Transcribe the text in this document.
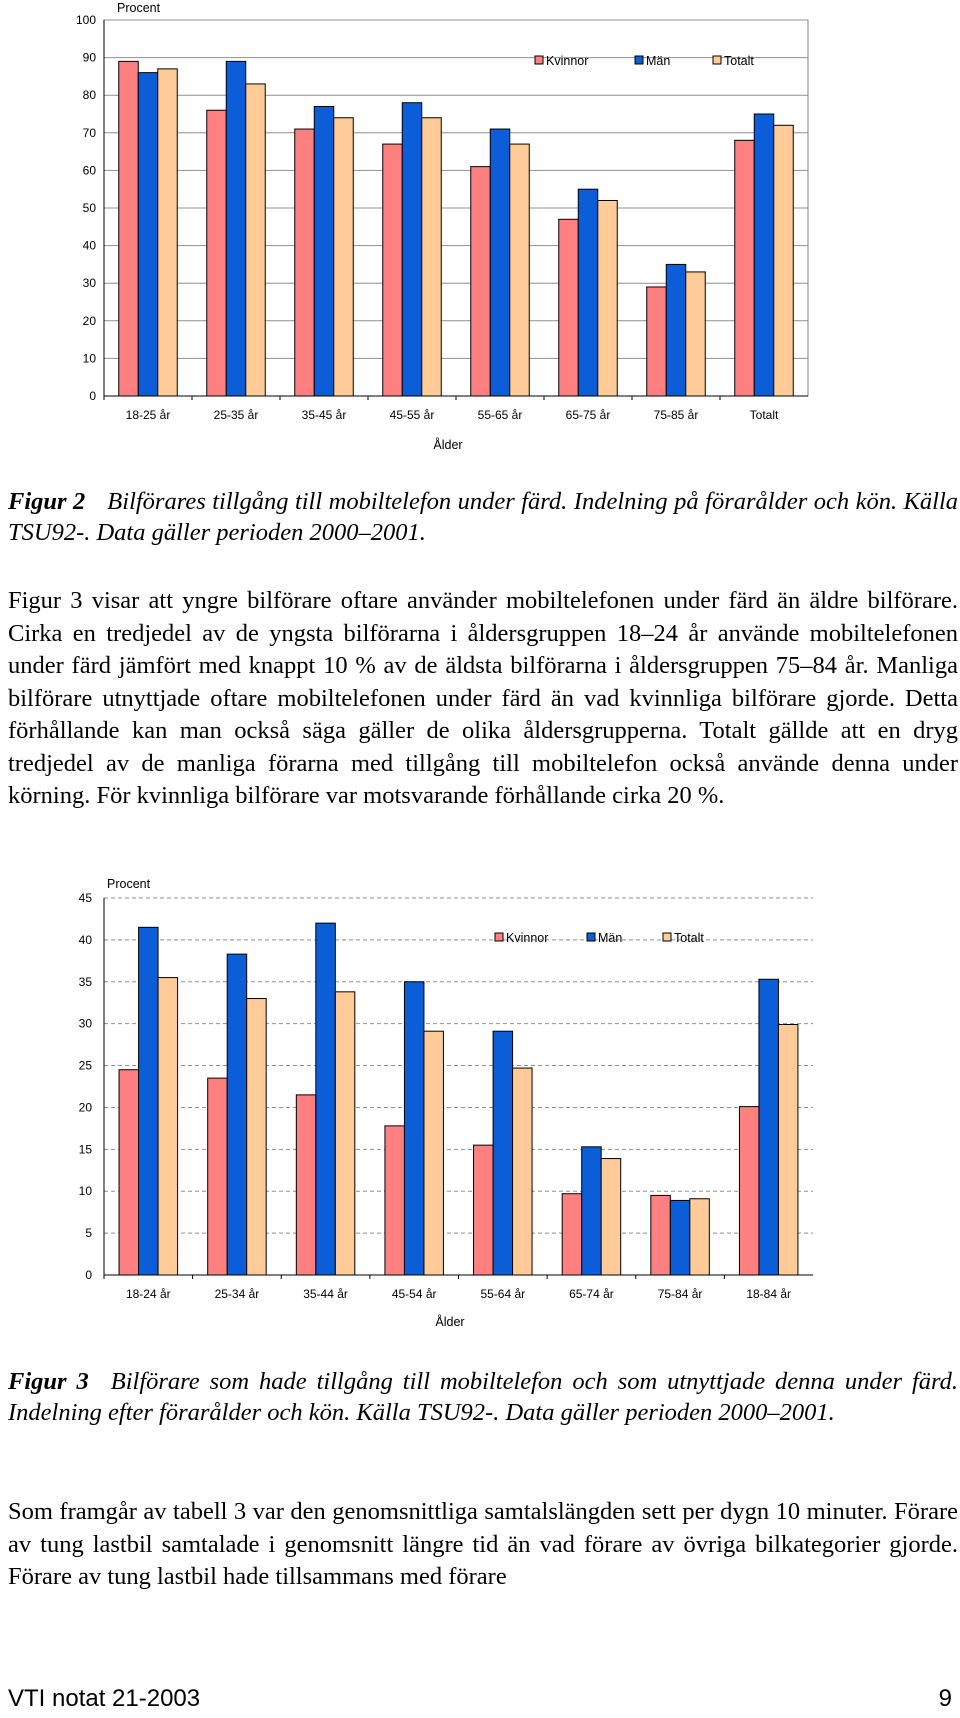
0
10
20
30
40
50
60
70
80
90
100
18-25 år	25-35 år	35-45 år	45-55 år	55-65 år	65-75 år	75-85 år	Totalt
Procent
Ålder
Kvinnor	Män	Totalt

Figur 2 Bilförares tillgång till mobiltelefon under färd. Indelning på förarålder och kön. Källa TSU92-. Data gäller perioden 2000–2001.

Figur 3 visar att yngre bilförare oftare använder mobiltelefonen under färd än äldre bilförare. Cirka en tredjedel av de yngsta bilförarna i åldersgruppen 18–24 år använde mobiltelefonen under färd jämfört med knappt 10 % av de äldsta bilförarna i åldersgruppen 75–84 år. Manliga bilförare utnyttjade oftare mobiltelefonen under färd än vad kvinnliga bilförare gjorde. Detta förhållande kan man också säga gäller de olika åldersgrupperna. Totalt gällde att en dryg tredjedel av de manliga förarna med tillgång till mobiltelefon också använde denna under körning. För kvinnliga bilförare var motsvarande förhållande cirka 20 %.

0
5
10
15
20
25
30
35
40
45
18-24 år	25-34 år	35-44 år	45-54 år	55-64 år	65-74 år	75-84 år	18-84 år
Procent
Ålder
Kvinnor	Män	Totalt

Figur 3 Bilförare som hade tillgång till mobiltelefon och som utnyttjade denna under färd. Indelning efter förarålder och kön. Källa TSU92-. Data gäller perioden 2000–2001.

Som framgår av tabell 3 var den genomsnittliga samtalslängden sett per dygn 10 minuter. Förare av tung lastbil samtalade i genomsnitt längre tid än vad förare av övriga bilkategorier gjorde. Förare av tung lastbil hade tillsammans med förare

VTI notat 21-2003	9
